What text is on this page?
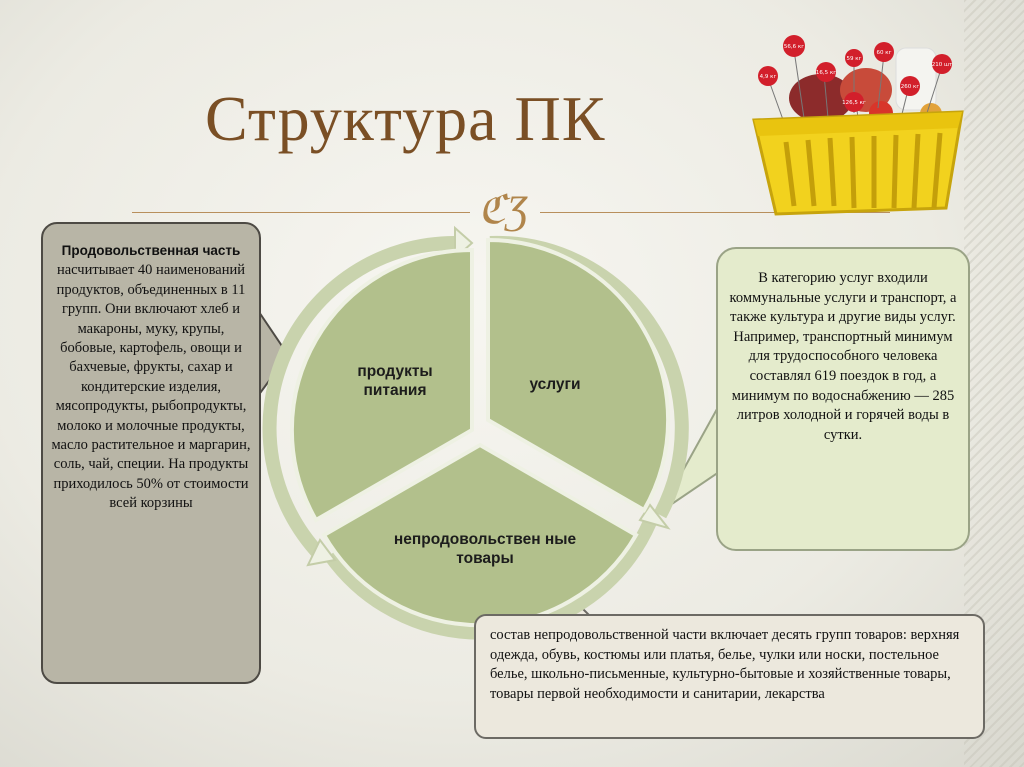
Структура ПК
ℭƷ
4,9 кг
56,6 кг
16,5 кг
126,5 кг
60 кг
260 кг
210 шт
59 кг
продукты питания	услуги
непродовольствен ные товары
Продовольственная часть насчитывает 40 наименований продуктов, объединенных в 11 групп. Они включают хлеб и макароны, муку, крупы, бобовые, картофель, овощи и бахчевые, фрукты, сахар и кондитерские изделия, мясопродукты, рыбопродукты, молоко и молочные продукты, масло растительное и маргарин, соль, чай, специи. На продукты приходилось 50% от стоимости всей корзины
В категорию услуг входили коммунальные услуги и транспорт, а также культура и другие виды услуг. Например, транспортный минимум для трудоспособного человека составлял 619 поездок в год, а минимум по водоснабжению — 285 литров холодной и горячей воды в сутки.
состав непродовольственной части включает десять групп товаров: верхняя одежда, обувь, костюмы или платья, белье, чулки или носки, постельное белье, школьно-письменные, культурно-бытовые и хозяйственные товары, товары первой необходимости и санитарии, лекарства
